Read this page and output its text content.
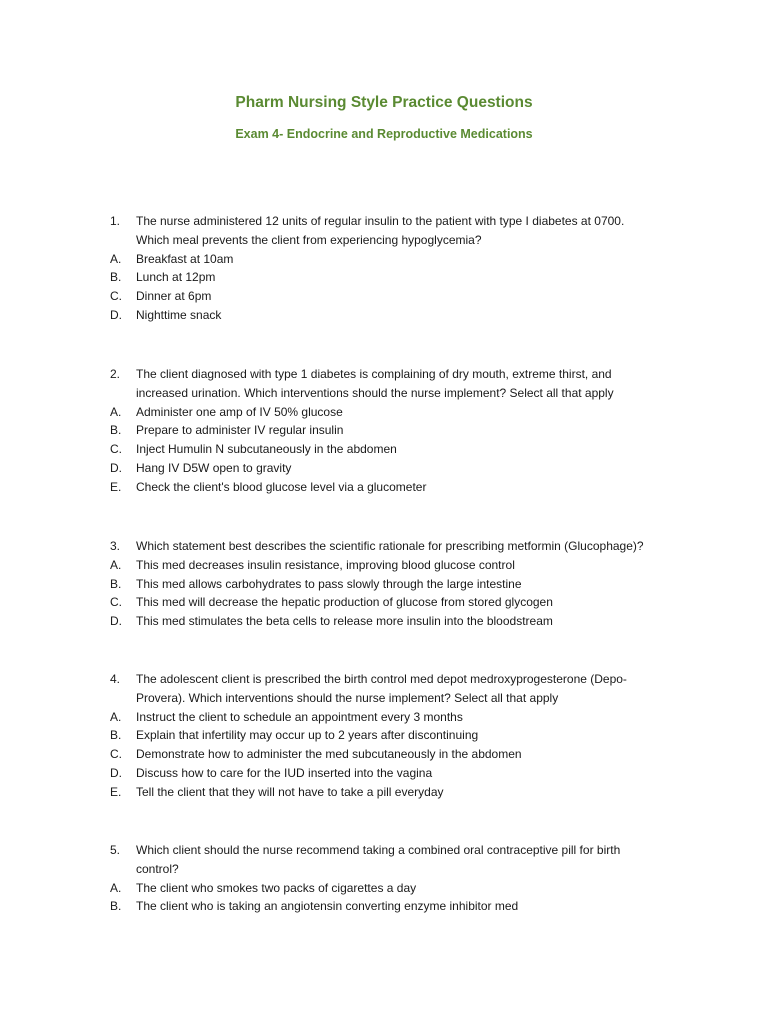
Pharm Nursing Style Practice Questions
Exam 4- Endocrine and Reproductive Medications
1. The nurse administered 12 units of regular insulin to the patient with type I diabetes at 0700.
Which meal prevents the client from experiencing hypoglycemia?
A. Breakfast at 10am
B. Lunch at 12pm
C. Dinner at 6pm
D. Nighttime snack
2. The client diagnosed with type 1 diabetes is complaining of dry mouth, extreme thirst, and
increased urination. Which interventions should the nurse implement? Select all that apply
A. Administer one amp of IV 50% glucose
B. Prepare to administer IV regular insulin
C. Inject Humulin N subcutaneously in the abdomen
D. Hang IV D5W open to gravity
E. Check the client's blood glucose level via a glucometer
3. Which statement best describes the scientific rationale for prescribing metformin (Glucophage)?
A. This med decreases insulin resistance, improving blood glucose control
B. This med allows carbohydrates to pass slowly through the large intestine
C. This med will decrease the hepatic production of glucose from stored glycogen
D. This med stimulates the beta cells to release more insulin into the bloodstream
4. The adolescent client is prescribed the birth control med depot medroxyprogesterone (Depo-
Provera). Which interventions should the nurse implement? Select all that apply
A. Instruct the client to schedule an appointment every 3 months
B. Explain that infertility may occur up to 2 years after discontinuing
C. Demonstrate how to administer the med subcutaneously in the abdomen
D. Discuss how to care for the IUD inserted into the vagina
E. Tell the client that they will not have to take a pill everyday
5. Which client should the nurse recommend taking a combined oral contraceptive pill for birth
control?
A. The client who smokes two packs of cigarettes a day
B. The client who is taking an angiotensin converting enzyme inhibitor med
